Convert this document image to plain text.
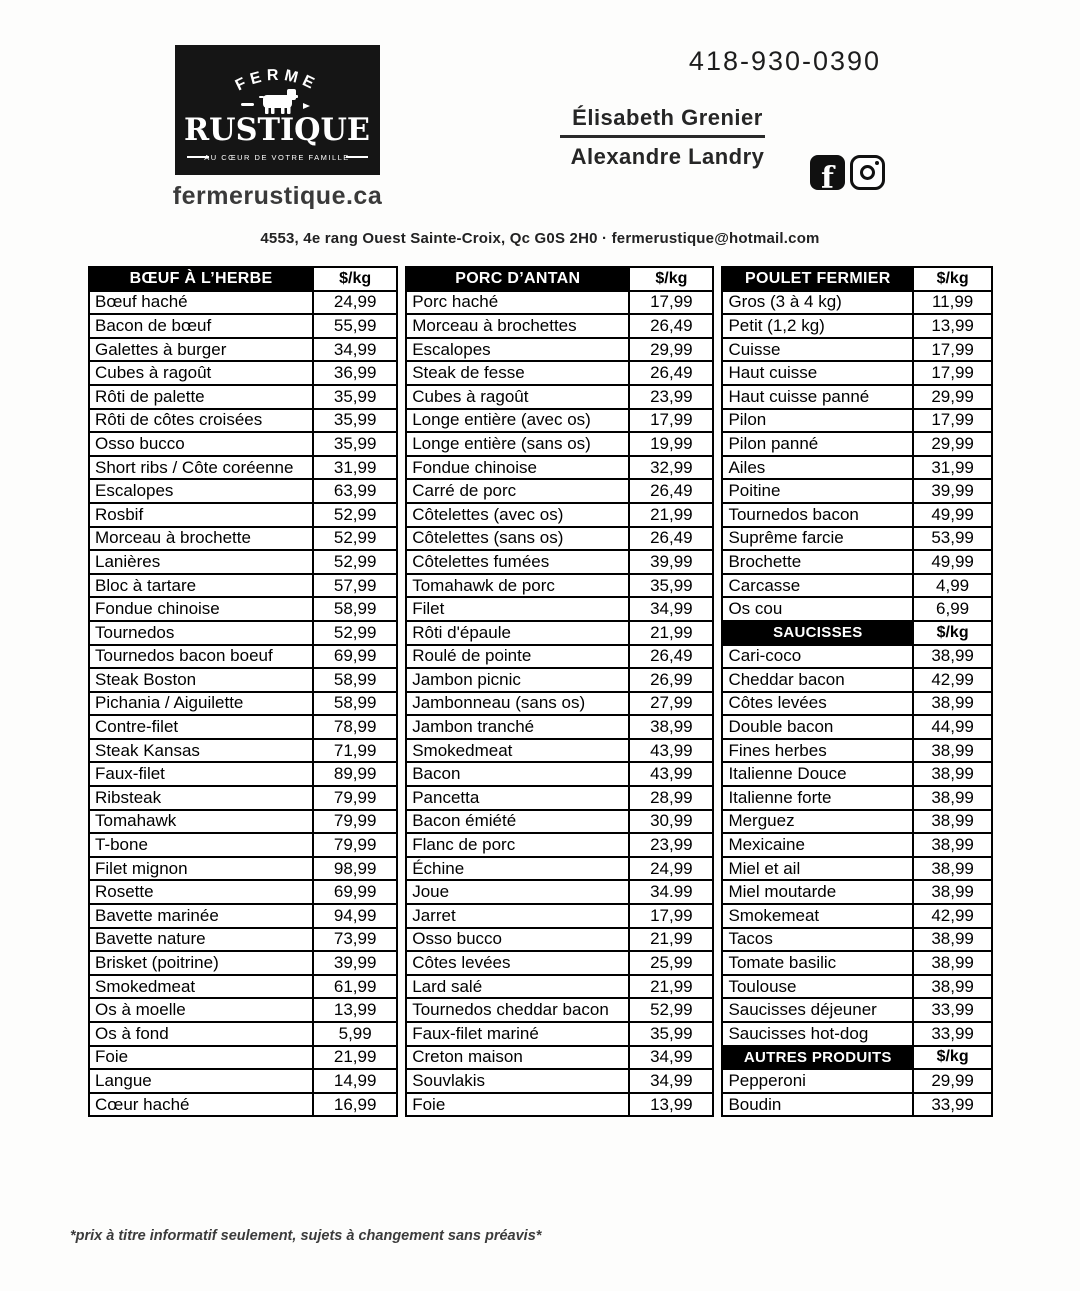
FERME
RUSTIQUE
AU CŒUR DE VOTRE FAMILLE
fermerustique.ca
418-930-0390
Élisabeth Grenier
Alexandre Landry
f
4553, 4e rang Ouest Sainte-Croix, Qc G0S 2H0 · fermerustique@hotmail.com
BŒUF À L’HERBE	$/kg
Bœuf haché	24,99
Bacon de bœuf	55,99
Galettes à burger	34,99
Cubes à ragoût	36,99
Rôti de palette	35,99
Rôti de côtes croisées	35,99
Osso bucco	35,99
Short ribs / Côte coréenne	31,99
Escalopes	63,99
Rosbif	52,99
Morceau à brochette	52,99
Lanières	52,99
Bloc à tartare	57,99
Fondue chinoise	58,99
Tournedos	52,99
Tournedos bacon boeuf	69,99
Steak Boston	58,99
Pichania / Aiguilette	58,99
Contre-filet	78,99
Steak Kansas	71,99
Faux-filet	89,99
Ribsteak	79,99
Tomahawk	79,99
T-bone	79,99
Filet mignon	98,99
Rosette	69,99
Bavette marinée	94,99
Bavette nature	73,99
Brisket (poitrine)	39,99
Smokedmeat	61,99
Os à moelle	13,99
Os à fond	5,99
Foie	21,99
Langue	14,99
Cœur haché	16,99
PORC D’ANTAN	$/kg
Porc haché	17,99
Morceau à brochettes	26,49
Escalopes	29,99
Steak de fesse	26,49
Cubes à ragoût	23,99
Longe entière (avec os)	17,99
Longe entière (sans os)	19,99
Fondue chinoise	32,99
Carré de porc	26,49
Côtelettes (avec os)	21,99
Côtelettes (sans os)	26,49
Côtelettes fumées	39,99
Tomahawk de porc	35,99
Filet	34,99
Rôti d'épaule	21,99
Roulé de pointe	26,49
Jambon picnic	26,99
Jambonneau (sans os)	27,99
Jambon tranché	38,99
Smokedmeat	43,99
Bacon	43,99
Pancetta	28,99
Bacon émiété	30,99
Flanc de porc	23,99
Échine	24,99
Joue	34.99
Jarret	17,99
Osso bucco	21,99
Côtes levées	25,99
Lard salé	21,99
Tournedos cheddar bacon	52,99
Faux-filet mariné	35,99
Creton maison	34,99
Souvlakis	34,99
Foie	13,99
POULET FERMIER	$/kg
Gros (3 à 4 kg)	11,99
Petit (1,2 kg)	13,99
Cuisse	17,99
Haut cuisse	17,99
Haut cuisse panné	29,99
Pilon	17,99
Pilon panné	29,99
Ailes	31,99
Poitine	39,99
Tournedos bacon	49,99
Suprême farcie	53,99
Brochette	49,99
Carcasse	4,99
Os cou	6,99
SAUCISSES	$/kg
Cari-coco	38,99
Cheddar bacon	42,99
Côtes levées	38,99
Double bacon	44,99
Fines herbes	38,99
Italienne Douce	38,99
Italienne forte	38,99
Merguez	38,99
Mexicaine	38,99
Miel et ail	38,99
Miel moutarde	38,99
Smokemeat	42,99
Tacos	38,99
Tomate basilic	38,99
Toulouse	38,99
Saucisses déjeuner	33,99
Saucisses hot-dog	33,99
AUTRES PRODUITS	$/kg
Pepperoni	29,99
Boudin	33,99
*prix à titre informatif seulement, sujets à changement sans préavis*
